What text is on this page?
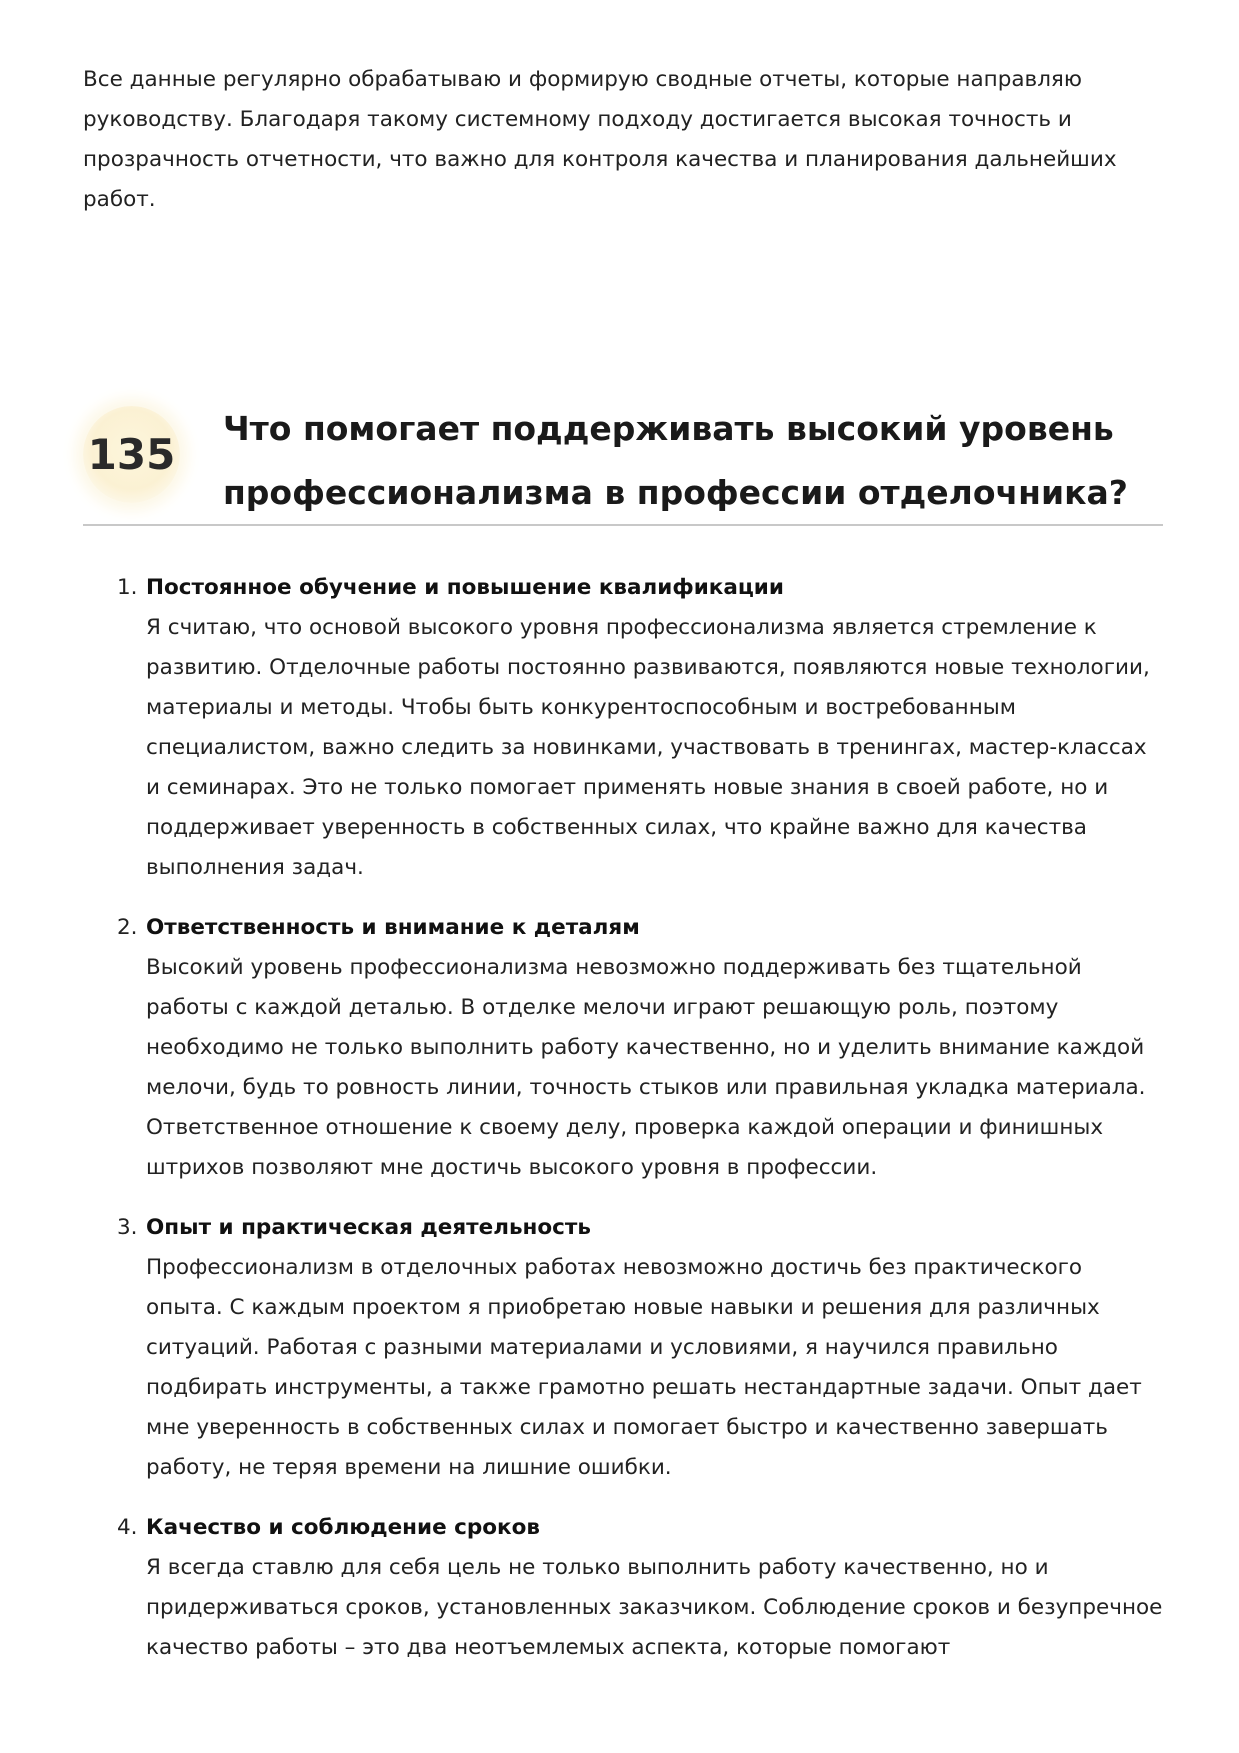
Все данные регулярно обрабатываю и формирую сводные отчеты, которые направляю руководству. Благодаря такому системному подходу достигается высокая точность и прозрачность отчетности, что важно для контроля качества и планирования дальнейших работ.

135
Что помогает поддерживать высокий уровень профессионализма в профессии отделочника?
1. Постоянное обучение и повышение квалификации
Я считаю, что основой высокого уровня профессионализма является стремление к развитию. Отделочные работы постоянно развиваются, появляются новые технологии, материалы и методы. Чтобы быть конкурентоспособным и востребованным специалистом, важно следить за новинками, участвовать в тренингах, мастер-классах и семинарах. Это не только помогает применять новые знания в своей работе, но и поддерживает уверенность в собственных силах, что крайне важно для качества выполнения задач.
2. Ответственность и внимание к деталям
Высокий уровень профессионализма невозможно поддерживать без тщательной работы с каждой деталью. В отделке мелочи играют решающую роль, поэтому необходимо не только выполнить работу качественно, но и уделить внимание каждой мелочи, будь то ровность линии, точность стыков или правильная укладка материала. Ответственное отношение к своему делу, проверка каждой операции и финишных штрихов позволяют мне достичь высокого уровня в профессии.
3. Опыт и практическая деятельность
Профессионализм в отделочных работах невозможно достичь без практического опыта. С каждым проектом я приобретаю новые навыки и решения для различных ситуаций. Работая с разными материалами и условиями, я научился правильно подбирать инструменты, а также грамотно решать нестандартные задачи. Опыт дает мне уверенность в собственных силах и помогает быстро и качественно завершать работу, не теряя времени на лишние ошибки.
4. Качество и соблюдение сроков
Я всегда ставлю для себя цель не только выполнить работу качественно, но и придерживаться сроков, установленных заказчиком. Соблюдение сроков и безупречное качество работы – это два неотъемлемых аспекта, которые помогают
